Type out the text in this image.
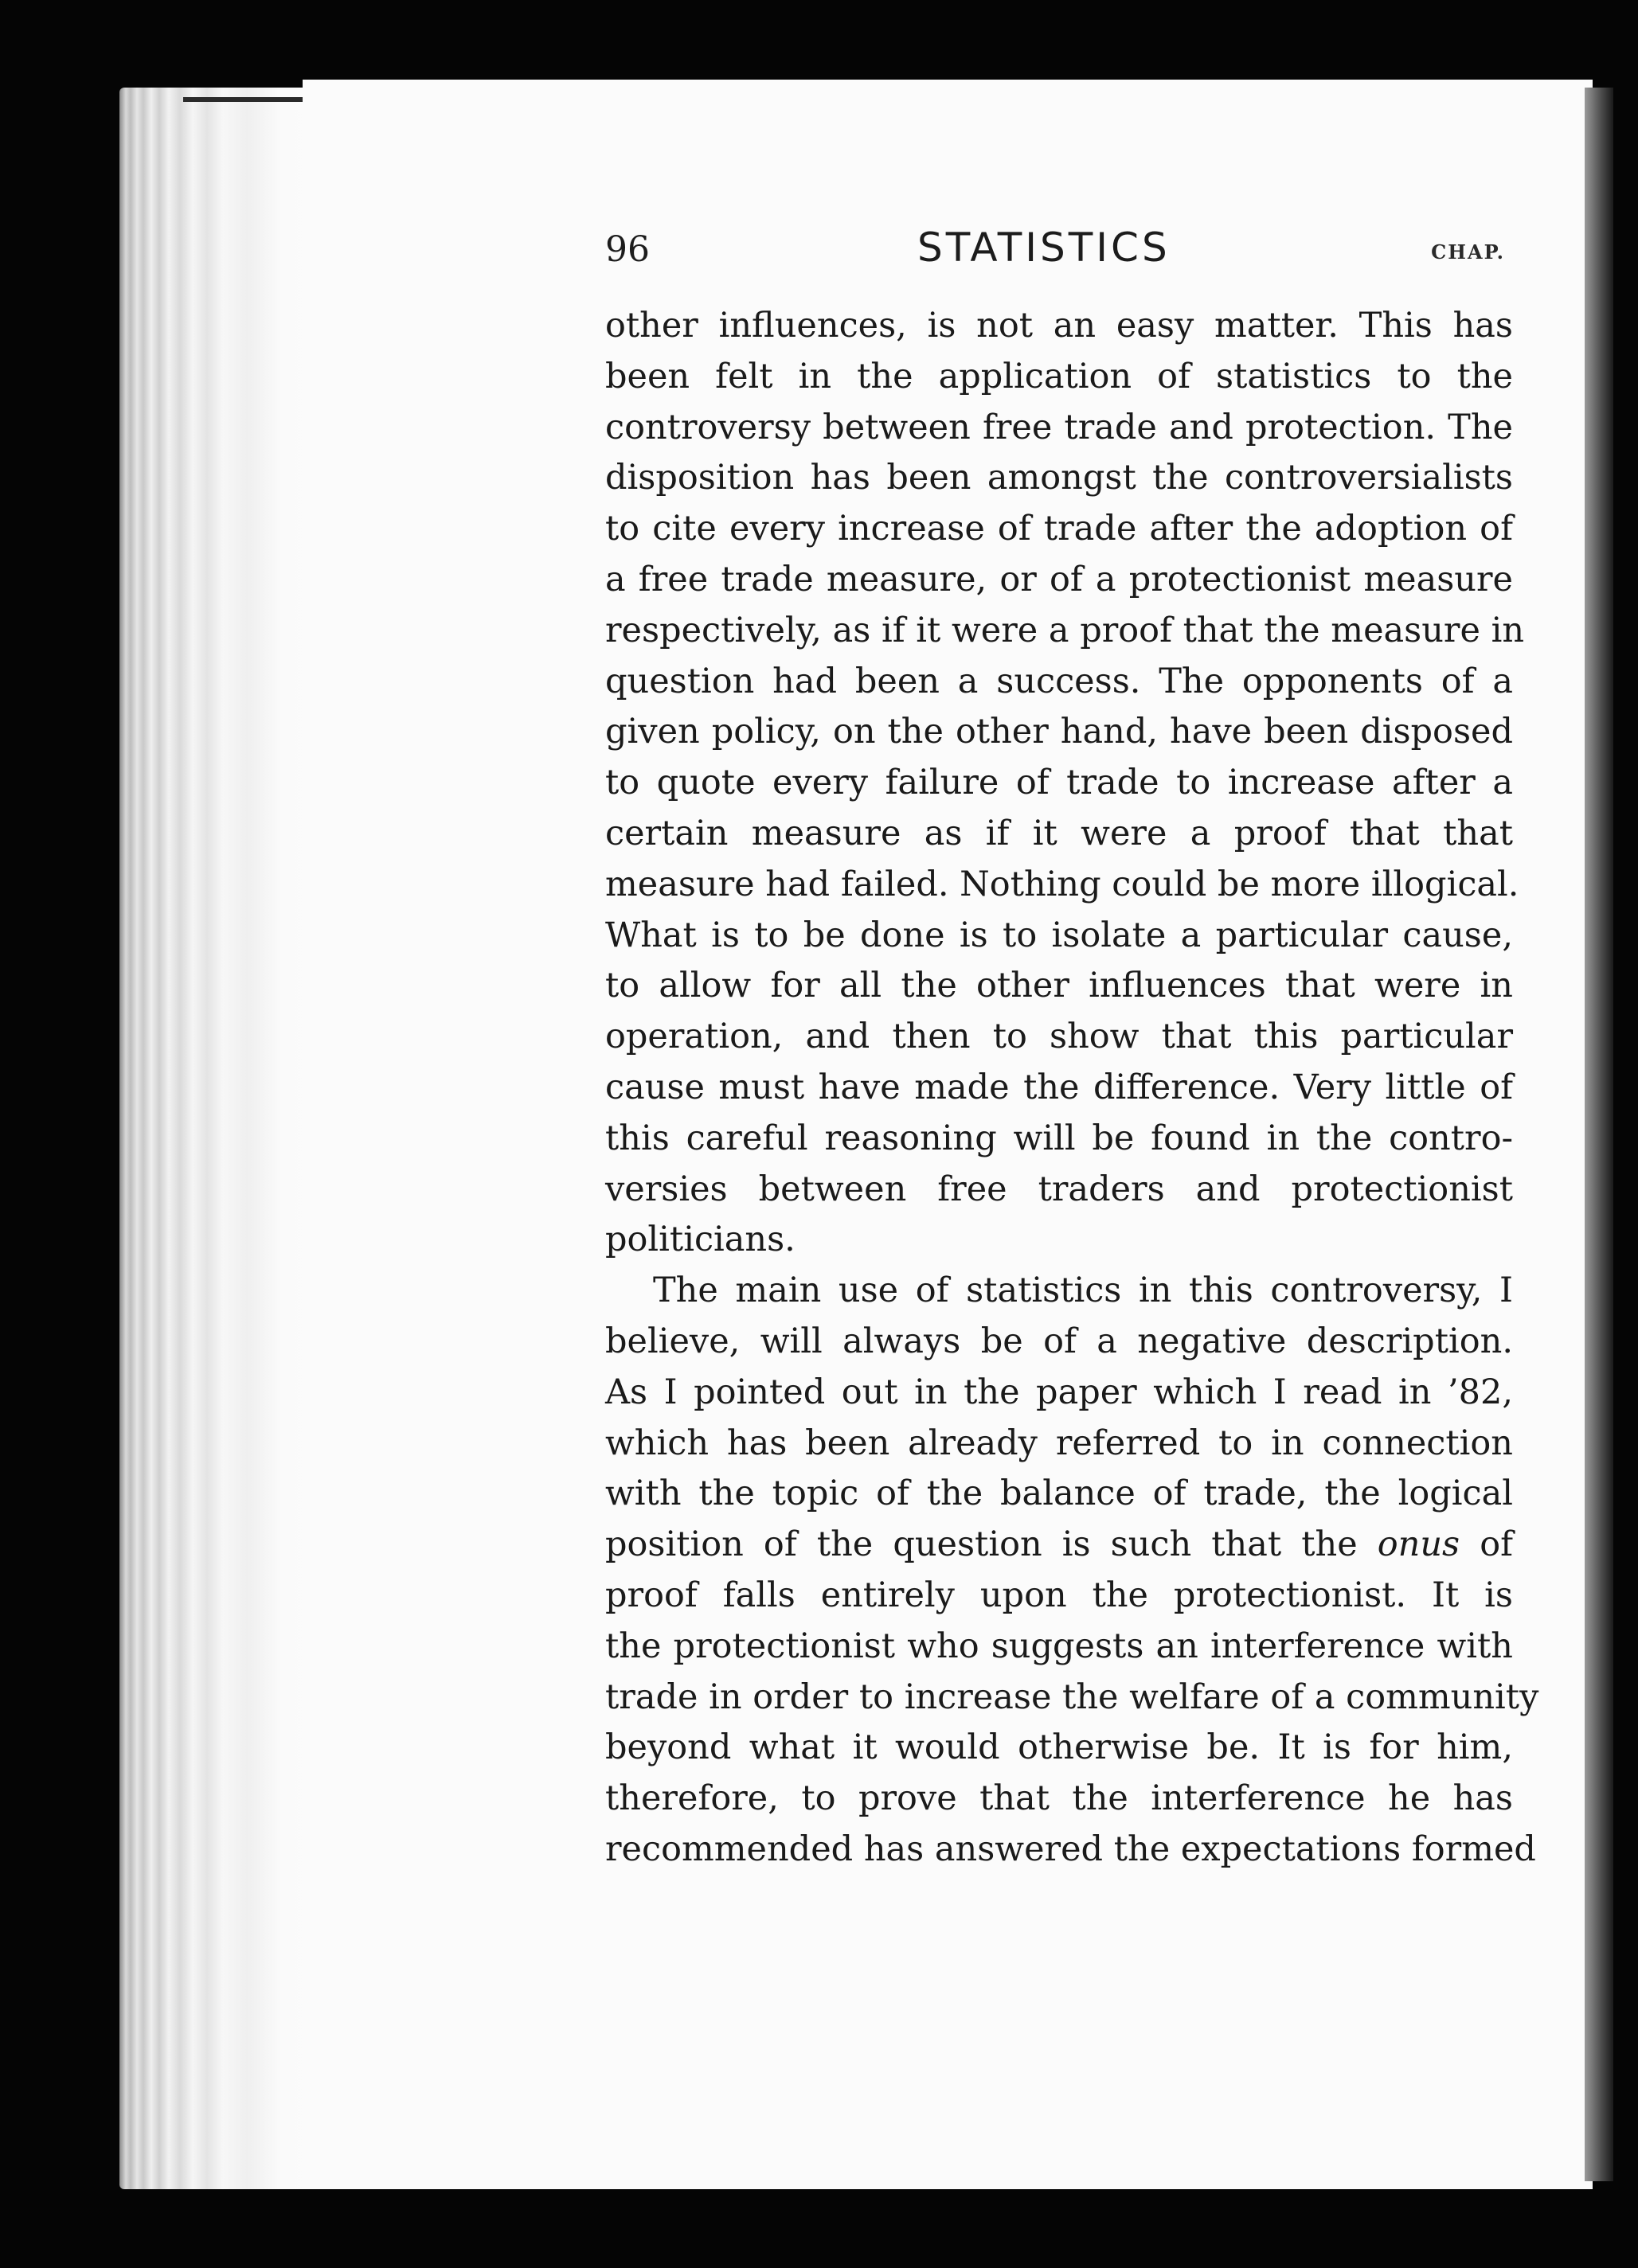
96	STATISTICS	CHAP.
other influences, is not an easy matter. This has
been felt in the application of statistics to the
controversy between free trade and protection. The
disposition has been amongst the controversialists
to cite every increase of trade after the adoption of
a free trade measure, or of a protectionist measure
respectively, as if it were a proof that the measure in
question had been a success. The opponents of a
given policy, on the other hand, have been disposed
to quote every failure of trade to increase after a
certain measure as if it were a proof that that
measure had failed. Nothing could be more illogical.
What is to be done is to isolate a particular cause,
to allow for all the other influences that were in
operation, and then to show that this particular
cause must have made the difference. Very little of
this careful reasoning will be found in the contro-
versies between free traders and protectionist
politicians.
The main use of statistics in this controversy, I
believe, will always be of a negative description.
As I pointed out in the paper which I read in ’82,
which has been already referred to in connection
with the topic of the balance of trade, the logical
position of the question is such that the onus of
proof falls entirely upon the protectionist. It is
the protectionist who suggests an interference with
trade in order to increase the welfare of a community
beyond what it would otherwise be. It is for him,
therefore, to prove that the interference he has
recommended has answered the expectations formed
